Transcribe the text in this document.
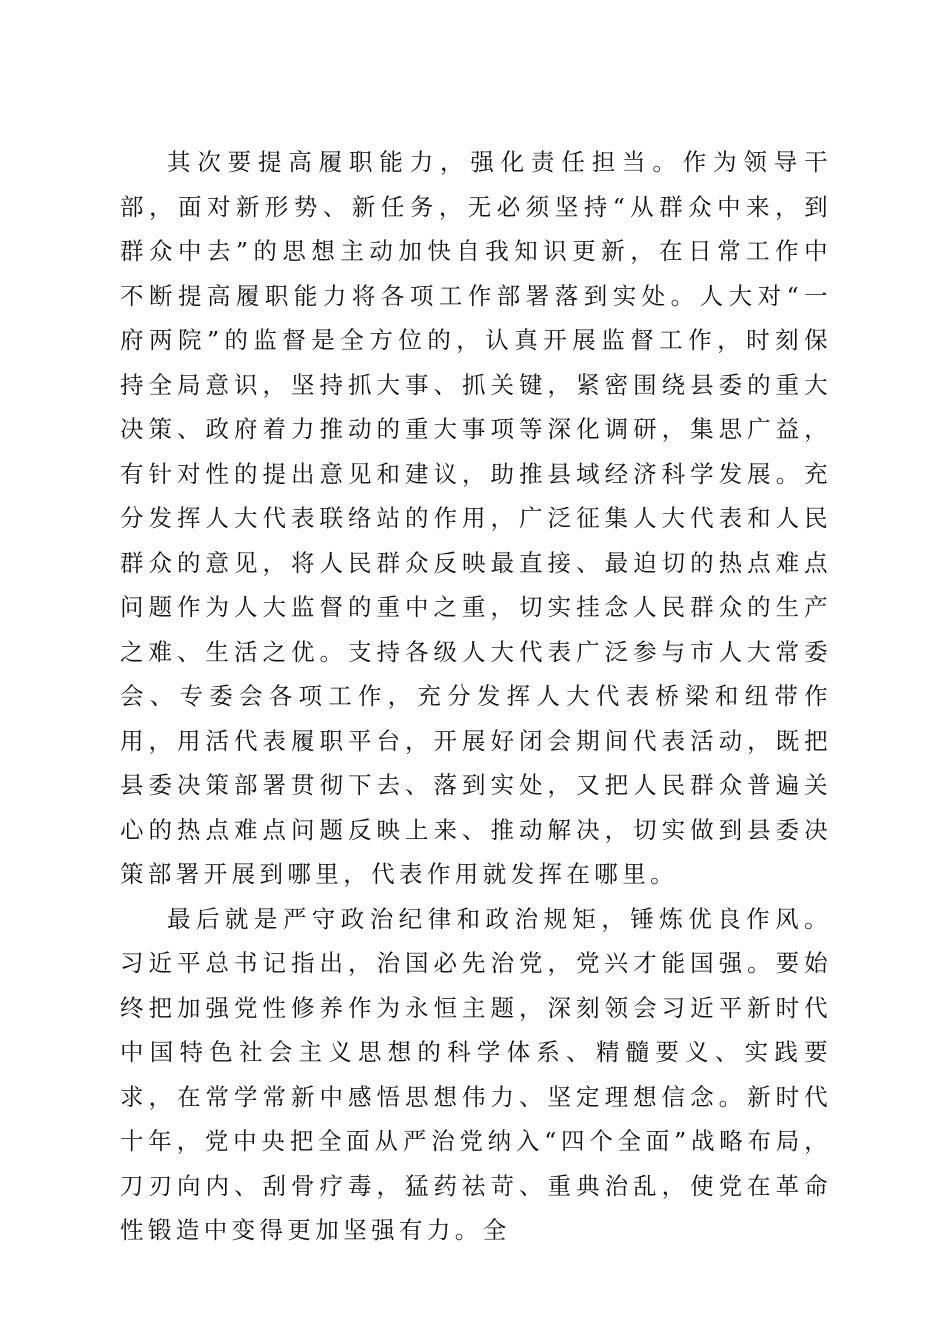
其次要提高履职能力，强化责任担当。作为领导干部，面对新形势、新任务，无必须坚持“从群众中来，到群众中去”的思想主动加快自我知识更新，在日常工作中不断提高履职能力将各项工作部署落到实处。人大对“一府两院”的监督是全方位的，认真开展监督工作，时刻保持全局意识，坚持抓大事、抓关键，紧密围绕县委的重大决策、政府着力推动的重大事项等深化调研，集思广益，有针对性的提出意见和建议，助推县域经济科学发展。充分发挥人大代表联络站的作用，广泛征集人大代表和人民群众的意见，将人民群众反映最直接、最迫切的热点难点问题作为人大监督的重中之重，切实挂念人民群众的生产之难、生活之优。支持各级人大代表广泛参与市人大常委会、专委会各项工作，充分发挥人大代表桥梁和纽带作用，用活代表履职平台，开展好闭会期间代表活动，既把县委决策部署贯彻下去、落到实处，又把人民群众普遍关心的热点难点问题反映上来、推动解决，切实做到县委决策部署开展到哪里，代表作用就发挥在哪里。

最后就是严守政治纪律和政治规矩，锤炼优良作风。习近平总书记指出，治国必先治党，党兴才能国强。要始终把加强党性修养作为永恒主题，深刻领会习近平新时代中国特色社会主义思想的科学体系、精髓要义、实践要求，在常学常新中感悟思想伟力、坚定理想信念。新时代十年，党中央把全面从严治党纳入“四个全面”战略布局，刀刃向内、刮骨疗毒，猛药祛苛、重典治乱，使党在革命性锻造中变得更加坚强有力。全
